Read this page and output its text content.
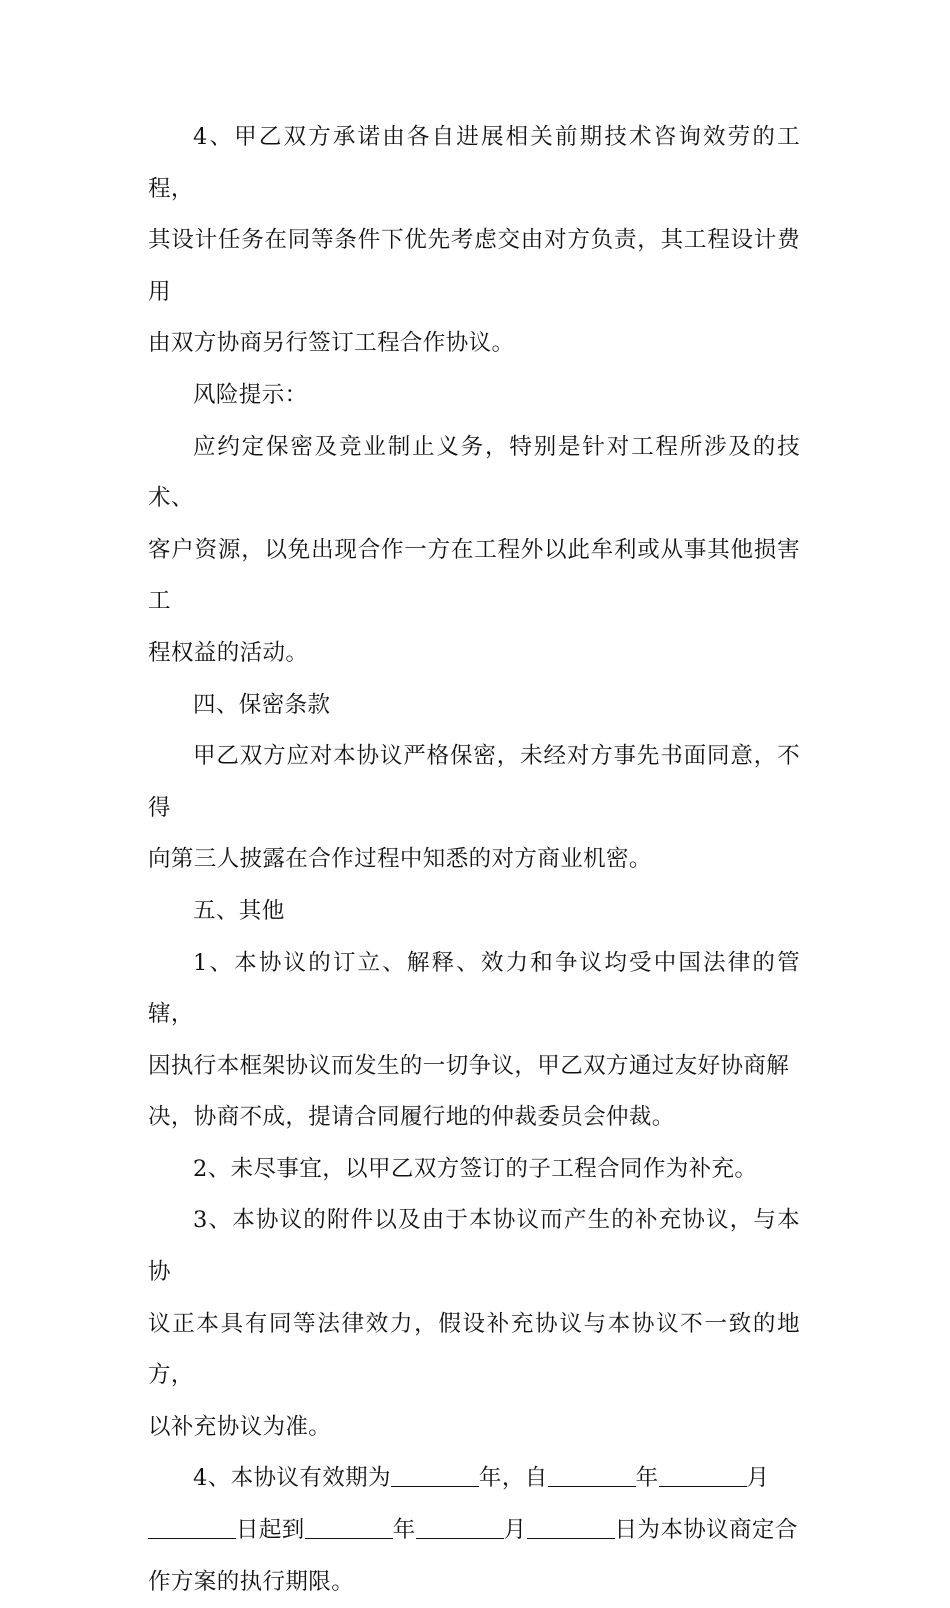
4、甲乙双方承诺由各自进展相关前期技术咨询效劳的工程，
其设计任务在同等条件下优先考虑交由对方负责，其工程设计费用
由双方协商另行签订工程合作协议。

风险提示：

应约定保密及竞业制止义务，特别是针对工程所涉及的技术、
客户资源，以免出现合作一方在工程外以此牟利或从事其他损害工
程权益的活动。

四、保密条款

甲乙双方应对本协议严格保密，未经对方事先书面同意，不得
向第三人披露在合作过程中知悉的对方商业机密。

五、其他

1、本协议的订立、解释、效力和争议均受中国法律的管辖，
因执行本框架协议而发生的一切争议，甲乙双方通过友好协商解
决，协商不成，提请合同履行地的仲裁委员会仲裁。

2、未尽事宜，以甲乙双方签订的子工程合同作为补充。

3、本协议的附件以及由于本协议而产生的补充协议，与本协
议正本具有同等法律效力，假设补充协议与本协议不一致的地方，
以补充协议为准。

4、本协议有效期为	年，自	年	月
日起到	年	月	日为本协议商定合
作方案的执行期限。
